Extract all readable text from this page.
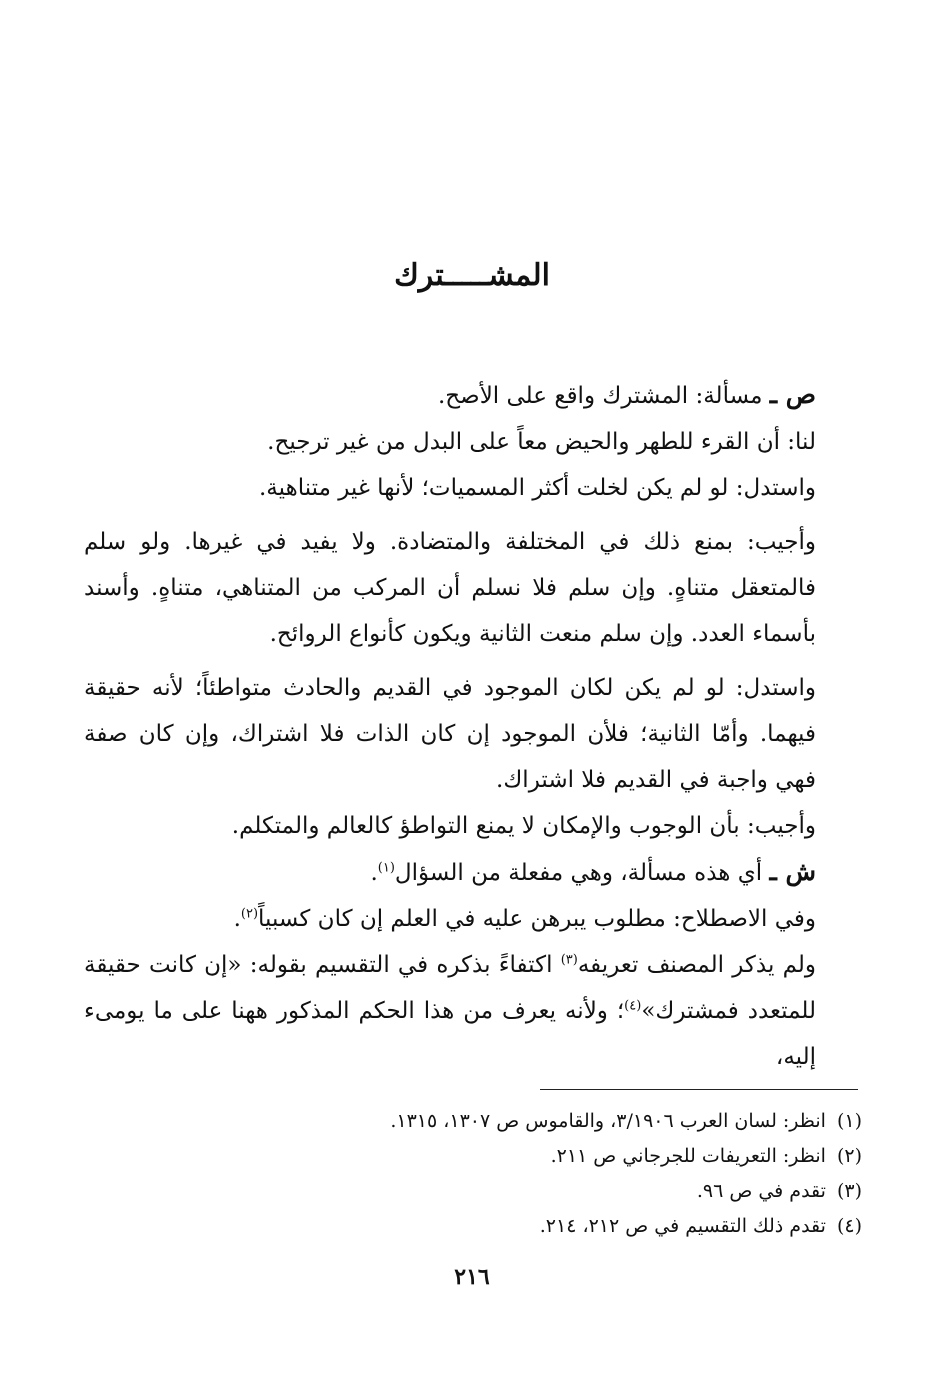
المشـــــترك

ص ـ مسألة: المشترك واقع على الأصح.

لنا: أن القرء للطهر والحيض معاً على البدل من غير ترجيح.

واستدل: لو لم يكن لخلت أكثر المسميات؛ لأنها غير متناهية.

وأجيب: بمنع ذلك في المختلفة والمتضادة. ولا يفيد في غيرها. ولو سلم فالمتعقل متناهٍ. وإن سلم فلا نسلم أن المركب من المتناهي، متناهٍ. وأسند بأسماء العدد. وإن سلم منعت الثانية ويكون كأنواع الروائح.

واستدل: لو لم يكن لكان الموجود في القديم والحادث متواطئاً؛ لأنه حقيقة فيهما. وأمّا الثانية؛ فلأن الموجود إن كان الذات فلا اشتراك، وإن كان صفة فهي واجبة في القديم فلا اشتراك.

وأجيب: بأن الوجوب والإمكان لا يمنع التواطؤ كالعالم والمتكلم.

ش ـ أي هذه مسألة، وهي مفعلة من السؤال$^{(١)}$.

وفي الاصطلاح: مطلوب يبرهن عليه في العلم إن كان كسبياً$^{(٢)}$.

ولم يذكر المصنف تعريفه$^{(٣)}$ اكتفاءً بذكره في التقسيم بقوله: «إن كانت حقيقة للمتعدد فمشترك»$^{(٤)}$؛ ولأنه يعرف من هذا الحكم المذكور ههنا على ما يومىء إليه،

(١) انظر: لسان العرب ٣/١٩٠٦، والقاموس ص ١٣٠٧، ١٣١٥.

(٢) انظر: التعريفات للجرجاني ص ٢١١.

(٣) تقدم في ص ٩٦.

(٤) تقدم ذلك التقسيم في ص ٢١٢، ٢١٤.

٢١٦
